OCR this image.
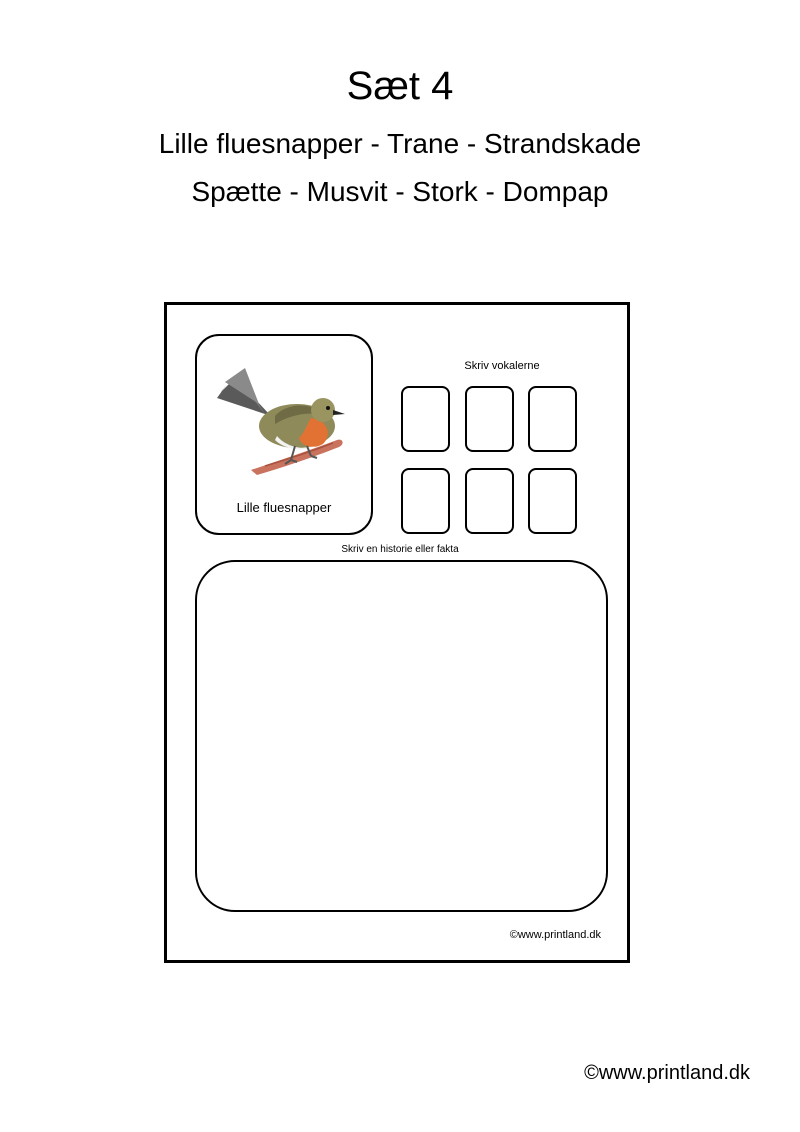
Sæt 4
Lille fluesnapper - Trane - Strandskade
Spætte - Musvit - Stork - Dompap
Lille fluesnapper
Skriv vokalerne
Skriv en historie eller fakta
©www.printland.dk
©www.printland.dk
